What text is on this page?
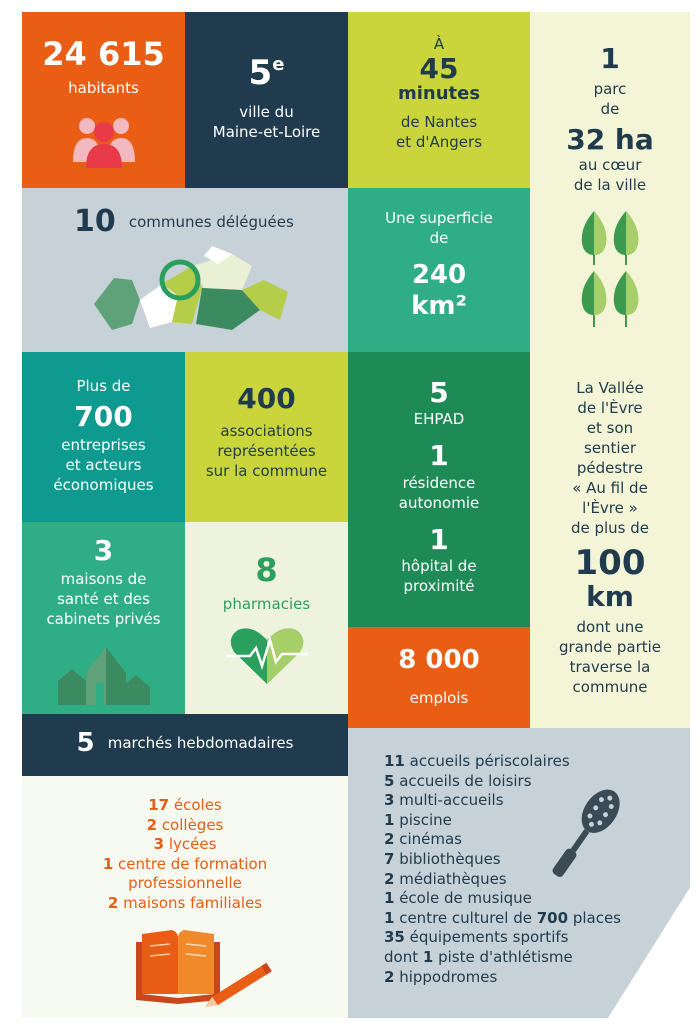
24 615
habitants	5e
ville du
Maine-et-Loire
À
45
minutes
de Nantes
et d'Angers
1
parc
de
32 ha
au cœur
de la ville
10 communes déléguées	Une superficie
de
240
km²
Plus de
700
entreprises
et acteurs
économiques
400
associations
représentées
sur la commune
5
EHPAD
1
résidence
autonomie
1
hôpital de
proximité
La Vallée
de l'Èvre
et son
sentier
pédestre
« Au fil de
l'Èvre »
de plus de
100
km
dont une
grande partie
traverse la
commune
3
maisons de
santé et des
cabinets privés
8
pharmacies
8 000
emplois
5 marchés hebdomadaires
11 accueils périscolaires
5 accueils de loisirs
3 multi-accueils
1 piscine
2 cinémas
7 bibliothèques
2 médiathèques
1 école de musique
1 centre culturel de 700 places
35 équipements sportifs
dont 1 piste d'athlétisme
2 hippodromes
17 écoles
2 collèges
3 lycées
1 centre de formation
professionnelle
2 maisons familiales
